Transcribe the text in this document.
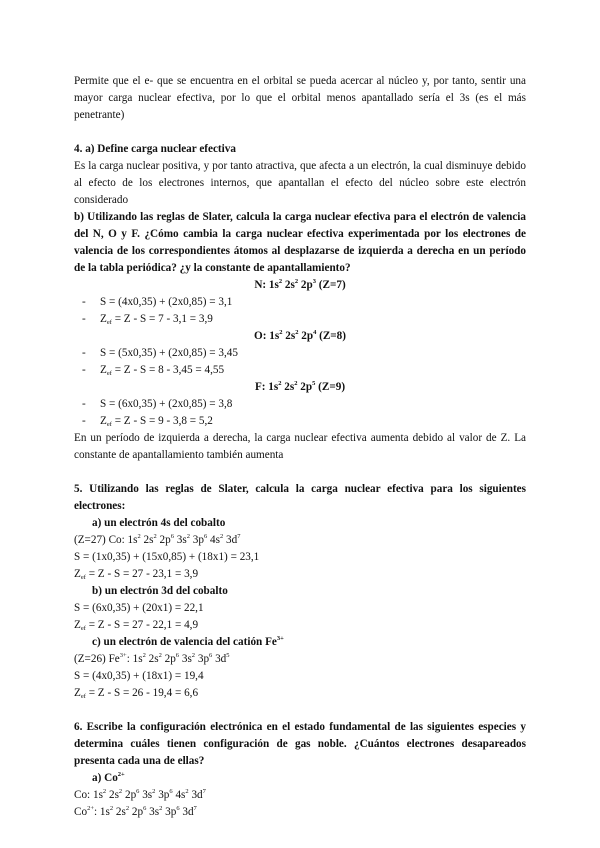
Permite que el e- que se encuentra en el orbital se pueda acercar al núcleo y, por tanto, sentir una mayor carga nuclear efectiva, por lo que el orbital menos apantallado sería el 3s (es el más penetrante)

4. a) Define carga nuclear efectiva

Es la carga nuclear positiva, y por tanto atractiva, que afecta a un electrón, la cual disminuye debido al efecto de los electrones internos, que apantallan el efecto del núcleo sobre este electrón considerado

b) Utilizando las reglas de Slater, calcula la carga nuclear efectiva para el electrón de valencia del N, O y F. ¿Cómo cambia la carga nuclear efectiva experimentada por los electrones de valencia de los correspondientes átomos al desplazarse de izquierda a derecha en un período de la tabla periódica? ¿y la constante de apantallamiento?

N: $1s^2$ $2s^2$ $2p^3$ (Z=7)

- S = (4x0,35) + (2x0,85) = 3,1

- $Z_{ef} = Z - S = 7 - 3,1 = 3,9$

O: $1s^2$ $2s^2$ $2p^4$ (Z=8)

- S = (5x0,35) + (2x0,85) = 3,45

- $Z_{ef} = Z - S = 8 - 3,45 = 4,55$

F: $1s^2$ $2s^2$ $2p^5$ (Z=9)

- S = (6x0,35) + (2x0,85) = 3,8

- $Z_{ef} = Z - S = 9 - 3,8 = 5,2$

En un período de izquierda a derecha, la carga nuclear efectiva aumenta debido al valor de Z. La constante de apantallamiento también aumenta

5. Utilizando las reglas de Slater, calcula la carga nuclear efectiva para los siguientes electrones:

a) un electrón 4s del cobalto

(Z=27) Co: $1s^2$ $2s^2$ $2p^6$ $3s^2$ $3p^6$ $4s^2$ $3d^7$

S = (1x0,35) + (15x0,85) + (18x1) = 23,1

$Z_{ef} = Z - S = 27 - 23,1 = 3,9$

b) un electrón 3d del cobalto

S = (6x0,35) + (20x1) = 22,1

$Z_{ef} = Z - S = 27 - 22,1 = 4,9$

c) un electrón de valencia del catión $Fe^{3+}$

(Z=26) $Fe^{3+}$: $1s^2$ $2s^2$ $2p^6$ $3s^2$ $3p^6$ $3d^5$

S = (4x0,35) + (18x1) = 19,4

$Z_{ef} = Z - S = 26 - 19,4 = 6,6$

6. Escribe la configuración electrónica en el estado fundamental de las siguientes especies y determina cuáles tienen configuración de gas noble. ¿Cuántos electrones desapareados presenta cada una de ellas?

a) $Co^{2+}$

Co: $1s^2$ $2s^2$ $2p^6$ $3s^2$ $3p^6$ $4s^2$ $3d^7$

$Co^{2+}$: $1s^2$ $2s^2$ $2p^6$ $3s^2$ $3p^6$ $3d^7$
